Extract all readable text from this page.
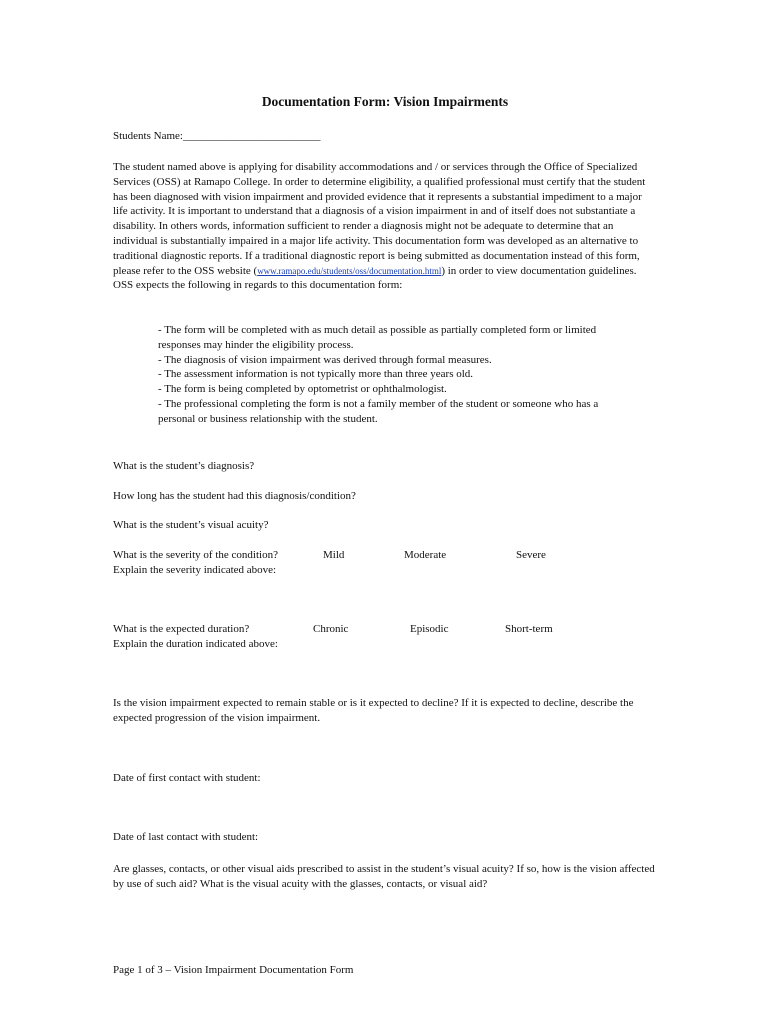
Documentation Form: Vision Impairments
Students Name:_________________________
The student named above is applying for disability accommodations and / or services through the Office of Specialized Services (OSS) at Ramapo College. In order to determine eligibility, a qualified professional must certify that the student has been diagnosed with vision impairment and provided evidence that it represents a substantial impediment to a major life activity. It is important to understand that a diagnosis of a vision impairment in and of itself does not substantiate a disability. In others words, information sufficient to render a diagnosis might not be adequate to determine that an individual is substantially impaired in a major life activity. This documentation form was developed as an alternative to traditional diagnostic reports. If a traditional diagnostic report is being submitted as documentation instead of this form, please refer to the OSS website (www.ramapo.edu/students/oss/documentation.html) in order to view documentation guidelines. OSS expects the following in regards to this documentation form:
- The form will be completed with as much detail as possible as partially completed form or limited responses may hinder the eligibility process.
- The diagnosis of vision impairment was derived through formal measures.
- The assessment information is not typically more than three years old.
- The form is being completed by optometrist or ophthalmologist.
- The professional completing the form is not a family member of the student or someone who has a personal or business relationship with the student.
What is the student’s diagnosis?
How long has the student had this diagnosis/condition?
What is the student’s visual acuity?
What is the severity of the condition?	Mild	Moderate	Severe
Explain the severity indicated above:
What is the expected duration?	Chronic	Episodic	Short-term
Explain the duration indicated above:
Is the vision impairment expected to remain stable or is it expected to decline? If it is expected to decline, describe the expected progression of the vision impairment.
Date of first contact with student:
Date of last contact with student:
Are glasses, contacts, or other visual aids prescribed to assist in the student’s visual acuity? If so, how is the vision affected by use of such aid? What is the visual acuity with the glasses, contacts, or visual aid?
Page 1 of 3 – Vision Impairment Documentation Form
